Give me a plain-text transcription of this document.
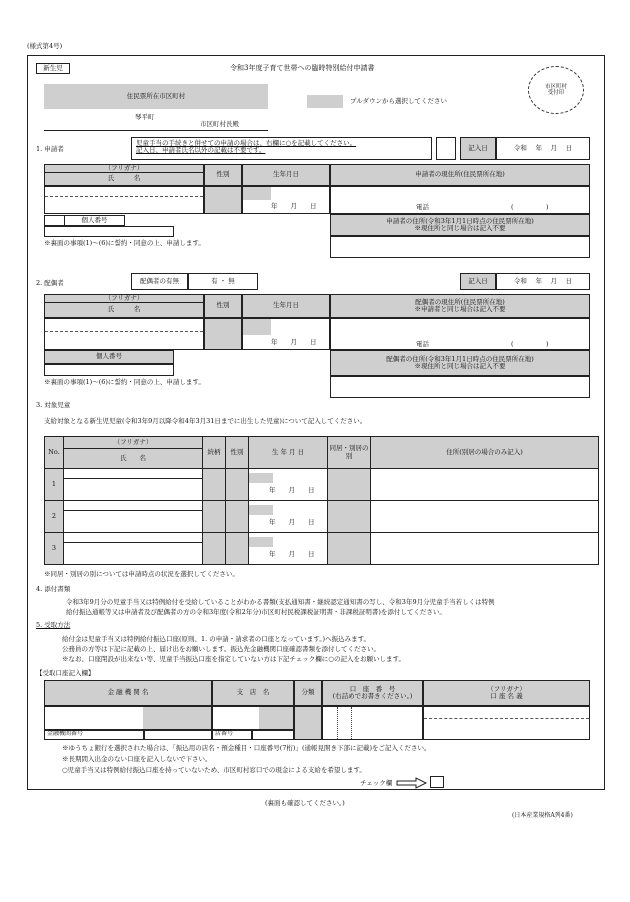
(様式第4号)
新生児	令和3年度子育て世帯への臨時特別給付申請書
市区町村
受付印
住民票所在市区町村
琴平町
市区町村長殿
プルダウンから選択してください
1. 申請者
児童手当の手続きと併せての申請の場合は、右欄に○を記載してください。
記入日、申請者氏名以外の記載は不要です。	記入日	令和　 年　 月　 日
（フリガナ）
氏　　　名	性別	生年月日	申請者の現住所(住民票所在地)
年　　月　　日	電話	(　　　　　)
個人番号	申請者の住所(令和3年1月1日時点の住民票所在地)
※現住所と同じ場合は記入不要
※裏面の事項(1)～(6)に誓約・同意の上、申請します。
2. 配偶者	配偶者の有無	有 ・ 無	記入日	令和　 年　 月　 日
（フリガナ）
氏　　　名	性別	生年月日	配偶者の現住所(住民票所在地)
※申請者と同じ場合は記入不要
年　　月　　日	電話	(　　　　　)
個人番号	配偶者の住所(令和3年1月1日時点の住民票所在地)
※現住所と同じ場合は記入不要
※裏面の事項(1)～(6)に誓約・同意の上、申請します。
3. 対象児童
支給対象となる新生児児童(令和3年9月以降令和4年3月31日までに出生した児童)について記入してください。
No.	（フリガナ）	続柄	性別	生 年 月 日	同居・別居の別	住所(別居の場合のみ記入)
	氏　　名					
1				年　　月　　日		

2				年　　月　　日		

3				年　　月　　日		

※同居・別居の別については申請時点の状況を選択してください。
4. 添付書類
令和3年9月分の児童手当又は特例給付を受給していることがわかる書類(支払通知書・継続認定通知書の写し、令和3年9月分児童手当若しくは特例
給付振込通帳等又は申請者及び配偶者の方の令和3年度(令和2年分)市区町村民税課税証明書・非課税証明書)を添付してください。
5. 受取方法
給付金は児童手当又は特例給付振込口座(原則、1. の申請・請求者の口座となっています。)へ振込みます。
公務員の方等は下記に記載の上、届け出をお願いします。振込先金融機関口座確認書類を添付してください。
※なお、口座閉設が出来ない等、児童手当振込口座を指定していない方は下記チェック欄に○の記入をお願いします。
【受取口座記入欄】
金 融 機 関 名	支　店　名	分類	口　座　番　号
(右詰めでお書きください。)
（フリガナ）
口 座 名 義
金融機関番号	店番号
※ゆうちょ銀行を選択された場合は、「振込用の店名・預金種目・口座番号(7桁)」(通帳見開き下部に記載)をご記入ください。
※長期間入出金のない口座を記入しないで下さい。
○児童手当又は特例給付振込口座を持っていないため、市区町村窓口での現金による支給を希望します。
チェック欄
(裏面も確認してください。)
(日本産業規格A列4番)
